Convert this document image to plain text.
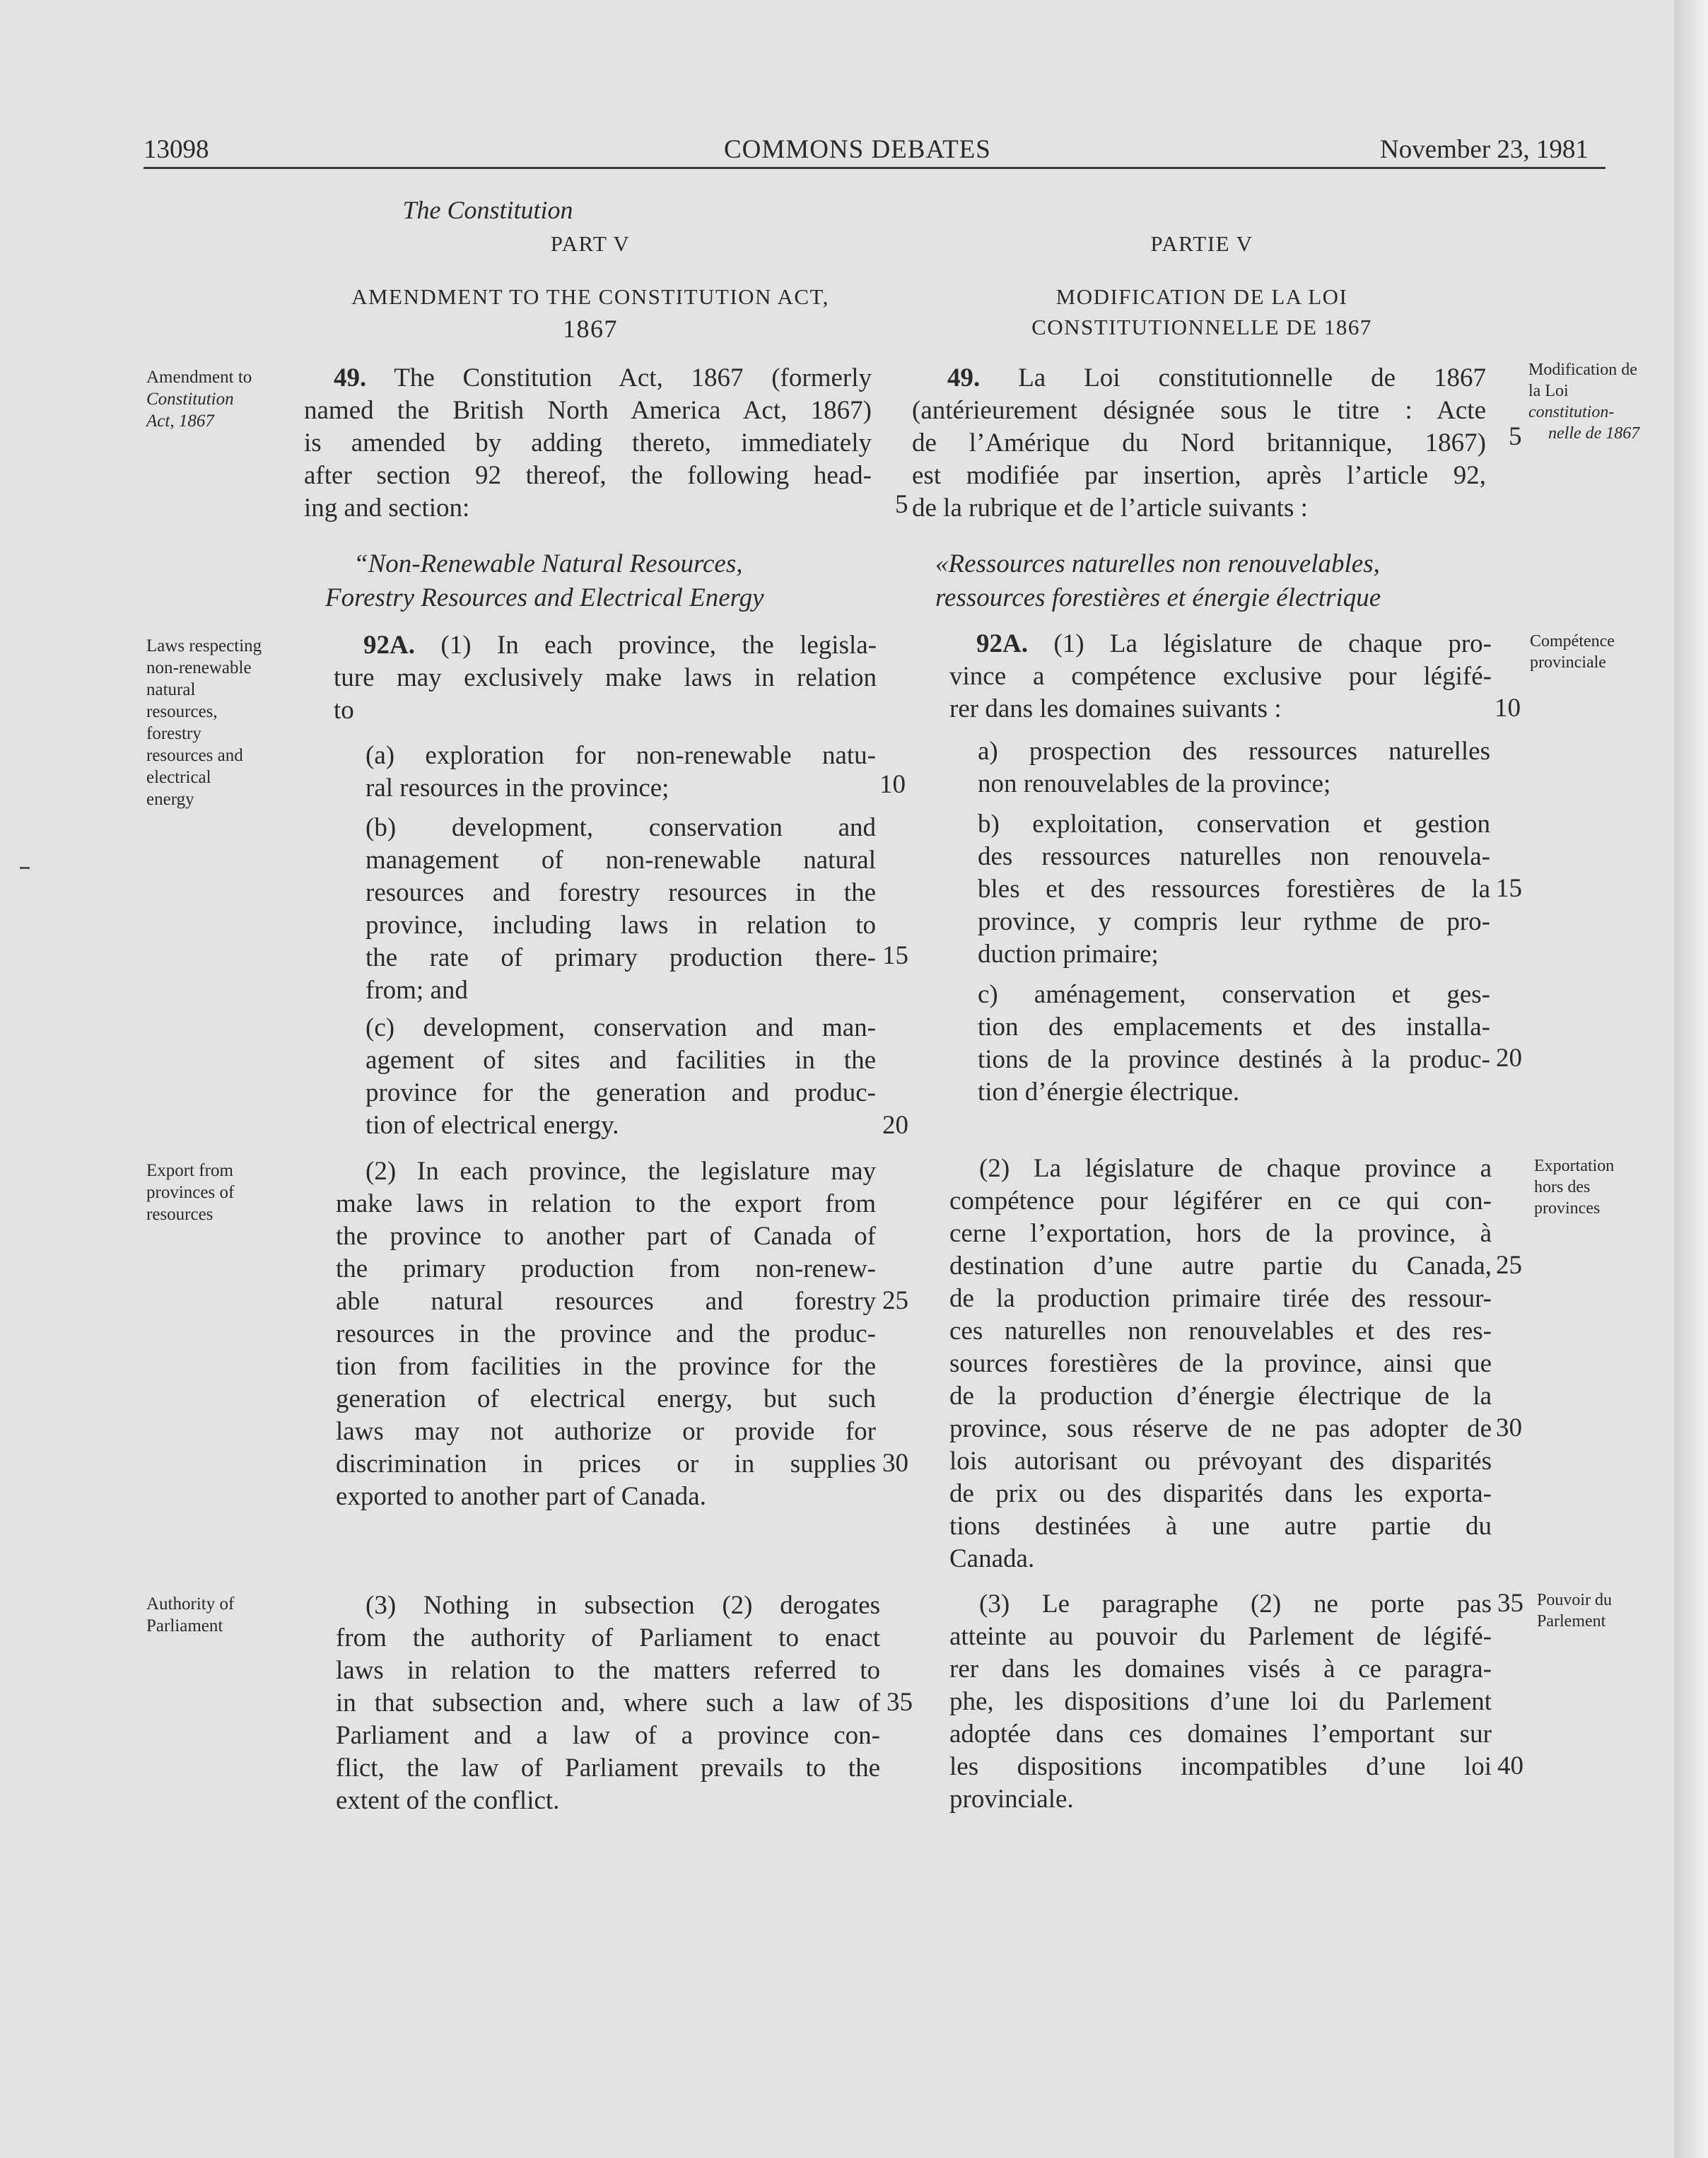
13098	COMMONS DEBATES	November 23, 1981
The Constitution
PART V
AMENDMENT TO THE CONSTITUTION ACT,
1867
PARTIE V
MODIFICATION DE LA LOI
CONSTITUTIONNELLE DE 1867
Amendment to
Constitution
Act, 1867
Laws respecting
non-renewable
natural
resources,
forestry
resources and
electrical
energy
Export from
provinces of
resources
Authority of
Parliament
Modification de
la Loi
constitution-
nelle de 1867
Compétence
provinciale
Exportation
hors des
provinces
Pouvoir du
Parlement
49. The Constitution Act, 1867 (formerly
named the British North America Act, 1867)
is amended by adding thereto, immediately
after section 92 thereof, the following head-
ing and section:
“Non-Renewable Natural Resources,
Forestry Resources and Electrical Energy
92A. (1) In each province, the legisla-
ture may exclusively make laws in relation
to
(a) exploration for non-renewable natu-
ral resources in the province;
(b) development, conservation and
management of non-renewable natural
resources and forestry resources in the
province, including laws in relation to
the rate of primary production there-
from; and
(c) development, conservation and man-
agement of sites and facilities in the
province for the generation and produc-
tion of electrical energy.
(2) In each province, the legislature may
make laws in relation to the export from
the province to another part of Canada of
the primary production from non-renew-
able natural resources and forestry
resources in the province and the produc-
tion from facilities in the province for the
generation of electrical energy, but such
laws may not authorize or provide for
discrimination in prices or in supplies
exported to another part of Canada.
(3) Nothing in subsection (2) derogates
from the authority of Parliament to enact
laws in relation to the matters referred to
in that subsection and, where such a law of
Parliament and a law of a province con-
flict, the law of Parliament prevails to the
extent of the conflict.
10
15
20
25
30
35
49. La Loi constitutionnelle de 1867
(antérieurement désignée sous le titre : Acte
de l’Amérique du Nord britannique, 1867)
est modifiée par insertion, après l’article 92,
de la rubrique et de l’article suivants :
«Ressources naturelles non renouvelables,
ressources forestières et énergie électrique
92A. (1) La législature de chaque pro-
vince a compétence exclusive pour légifé-
rer dans les domaines suivants :
a) prospection des ressources naturelles
non renouvelables de la province;
b) exploitation, conservation et gestion
des ressources naturelles non renouvela-
bles et des ressources forestières de la
province, y compris leur rythme de pro-
duction primaire;
c) aménagement, conservation et ges-
tion des emplacements et des installa-
tions de la province destinés à la produc-
tion d’énergie électrique.
(2) La législature de chaque province a
compétence pour légiférer en ce qui con-
cerne l’exportation, hors de la province, à
destination d’une autre partie du Canada,
de la production primaire tirée des ressour-
ces naturelles non renouvelables et des res-
sources forestières de la province, ainsi que
de la production d’énergie électrique de la
province, sous réserve de ne pas adopter de
lois autorisant ou prévoyant des disparités
de prix ou des disparités dans les exporta-
tions destinées à une autre partie du
Canada.
(3) Le paragraphe (2) ne porte pas
atteinte au pouvoir du Parlement de légifé-
rer dans les domaines visés à ce paragra-
phe, les dispositions d’une loi du Parlement
adoptée dans ces domaines l’emportant sur
les dispositions incompatibles d’une loi
provinciale.
5
5
10
15
20
25
30
35
40
